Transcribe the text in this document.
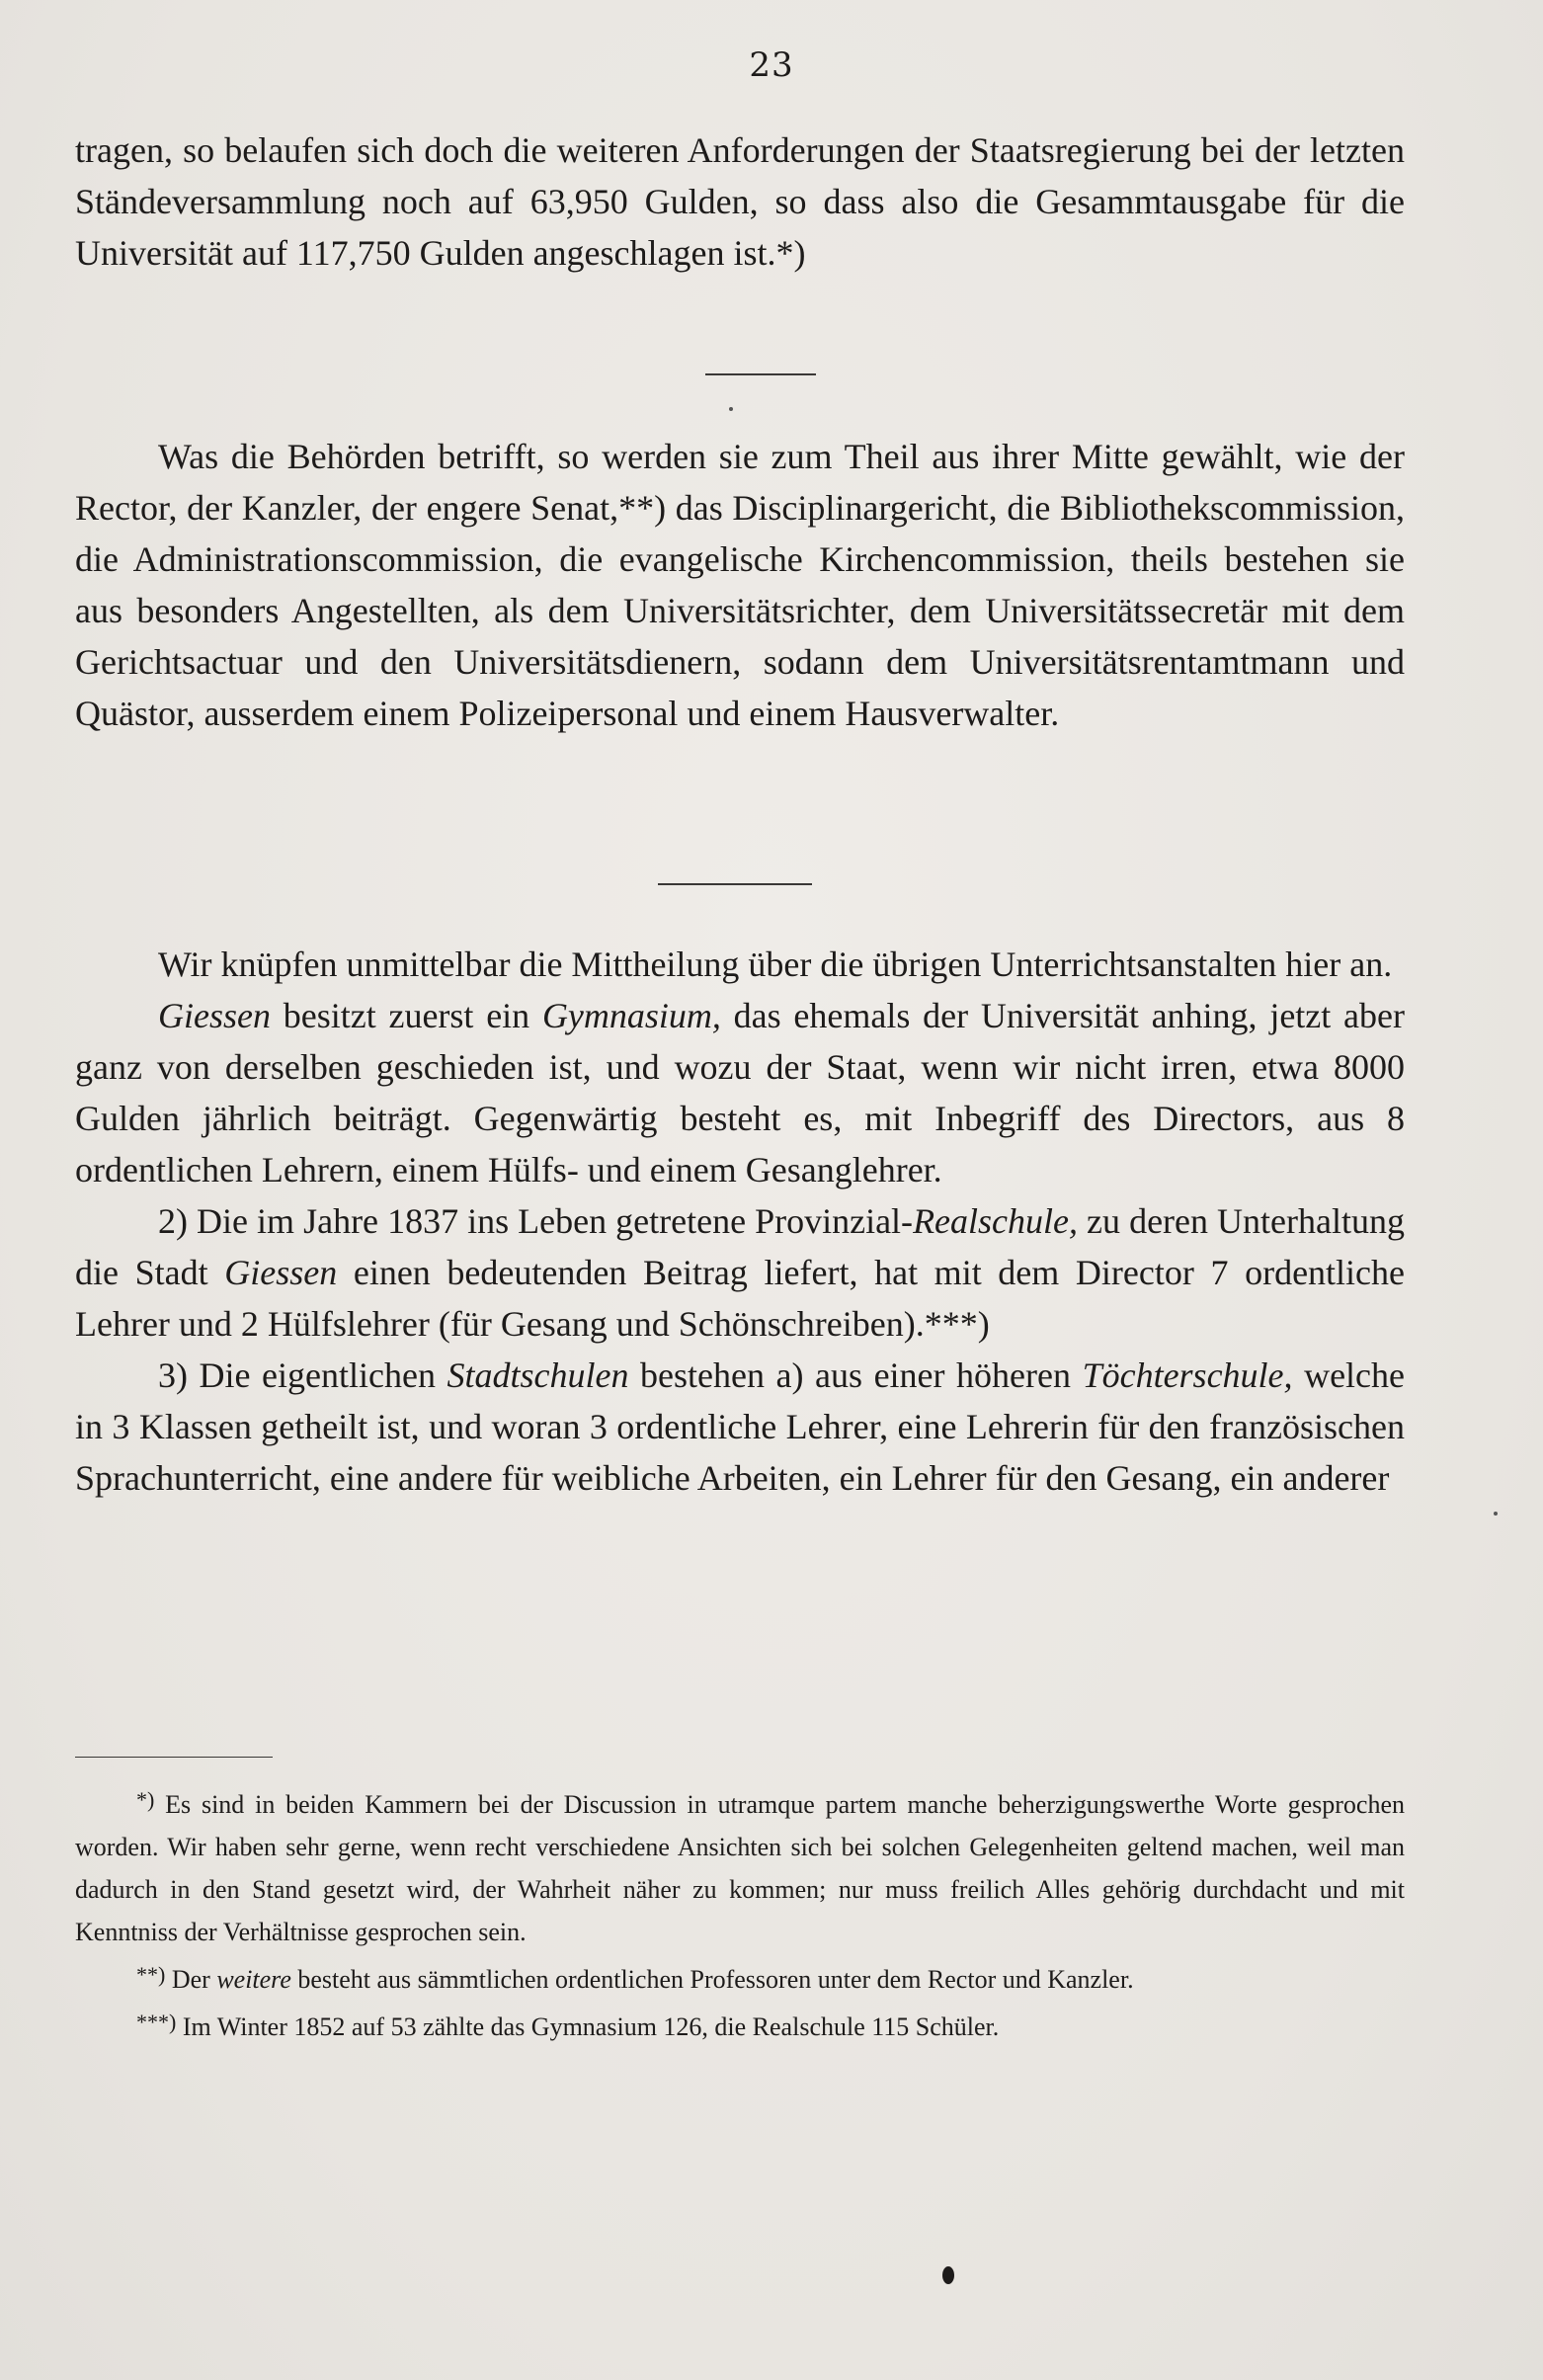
23

tragen, so belaufen sich doch die weiteren Anforderungen der Staatsregierung bei der letzten Ständeversammlung noch auf 63,950 Gulden, so dass also die Gesammtausgabe für die Universität auf 117,750 Gulden angeschlagen ist.*)

Was die Behörden betrifft, so werden sie zum Theil aus ihrer Mitte gewählt, wie der Rector, der Kanzler, der engere Senat,**) das Disciplinargericht, die Bibliothekscommission, die Administrationscommission, die evangelische Kirchencommission, theils bestehen sie aus besonders Angestellten, als dem Universitätsrichter, dem Universitätssecretär mit dem Gerichtsactuar und den Universitätsdienern, sodann dem Universitätsrentamtmann und Quästor, ausserdem einem Polizeipersonal und einem Hausverwalter.

Wir knüpfen unmittelbar die Mittheilung über die übrigen Unterrichtsanstalten hier an.

Giessen besitzt zuerst ein Gymnasium, das ehemals der Universität anhing, jetzt aber ganz von derselben geschieden ist, und wozu der Staat, wenn wir nicht irren, etwa 8000 Gulden jährlich beiträgt. Gegenwärtig besteht es, mit Inbegriff des Directors, aus 8 ordentlichen Lehrern, einem Hülfs- und einem Gesanglehrer.

2) Die im Jahre 1837 ins Leben getretene Provinzial-Realschule, zu deren Unterhaltung die Stadt Giessen einen bedeutenden Beitrag liefert, hat mit dem Director 7 ordentliche Lehrer und 2 Hülfslehrer (für Gesang und Schönschreiben).***)

3) Die eigentlichen Stadtschulen bestehen a) aus einer höheren Töchterschule, welche in 3 Klassen getheilt ist, und woran 3 ordentliche Lehrer, eine Lehrerin für den französischen Sprachunterricht, eine andere für weibliche Arbeiten, ein Lehrer für den Gesang, ein anderer

*) Es sind in beiden Kammern bei der Discussion in utramque partem manche beherzigungswerthe Worte gesprochen worden. Wir haben sehr gerne, wenn recht verschiedene Ansichten sich bei solchen Gelegenheiten geltend machen, weil man dadurch in den Stand gesetzt wird, der Wahrheit näher zu kommen; nur muss freilich Alles gehörig durchdacht und mit Kenntniss der Verhältnisse gesprochen sein.

**) Der weitere besteht aus sämmtlichen ordentlichen Professoren unter dem Rector und Kanzler.

***) Im Winter 1852 auf 53 zählte das Gymnasium 126, die Realschule 115 Schüler.
